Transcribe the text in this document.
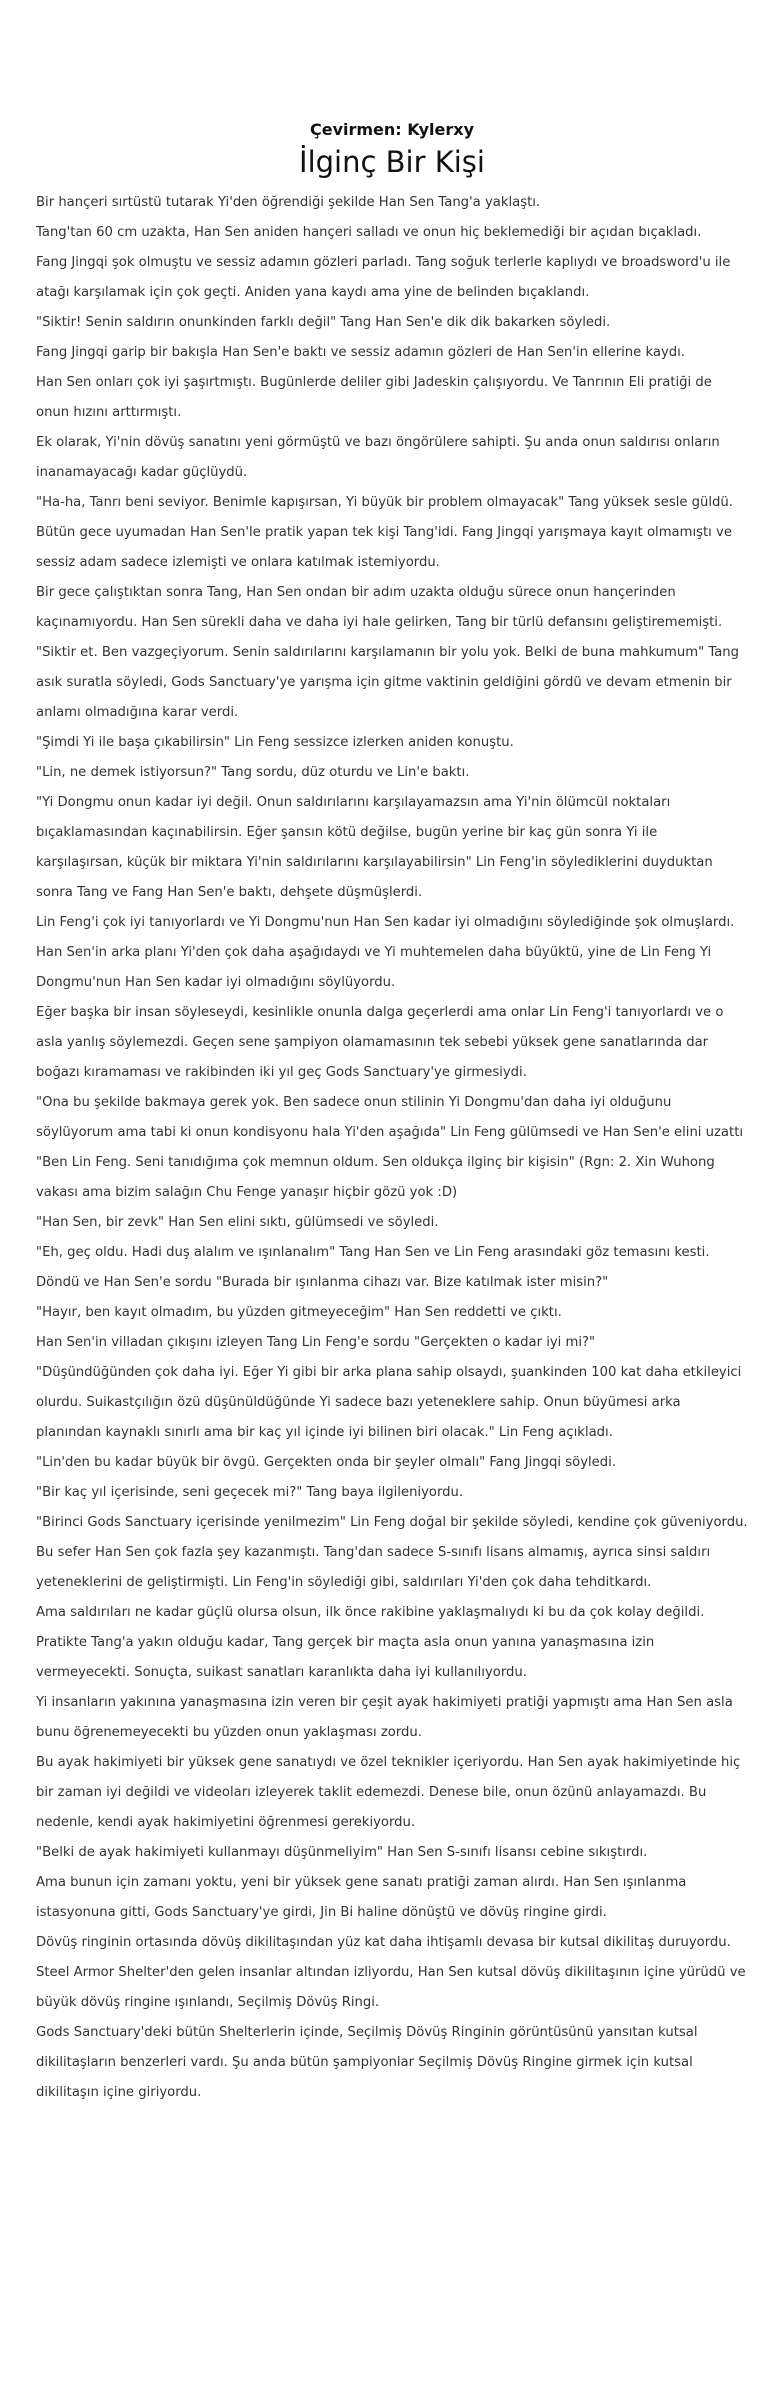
Çevirmen: Kylerxy
İlginç Bir Kişi

Bir hançeri sırtüstü tutarak Yi'den öğrendiği şekilde Han Sen Tang'a yaklaştı.

Tang'tan 60 cm uzakta, Han Sen aniden hançeri salladı ve onun hiç beklemediği bir açıdan bıçakladı.

Fang Jingqi şok olmuştu ve sessiz adamın gözleri parladı. Tang soğuk terlerle kaplıydı ve broadsword'u ile atağı karşılamak için çok geçti. Aniden yana kaydı ama yine de belinden bıçaklandı.

"Siktir! Senin saldırın onunkinden farklı değil" Tang Han Sen'e dik dik bakarken söyledi.

Fang Jingqi garip bir bakışla Han Sen'e baktı ve sessiz adamın gözleri de Han Sen'in ellerine kaydı.

Han Sen onları çok iyi şaşırtmıştı. Bugünlerde deliler gibi Jadeskin çalışıyordu. Ve Tanrının Eli pratiği de onun hızını arttırmıştı.

Ek olarak, Yi'nin dövüş sanatını yeni görmüştü ve bazı öngörülere sahipti. Şu anda onun saldırısı onların inanamayacağı kadar güçlüydü.

"Ha-ha, Tanrı beni seviyor. Benimle kapışırsan, Yi büyük bir problem olmayacak" Tang yüksek sesle güldü.

Bütün gece uyumadan Han Sen'le pratik yapan tek kişi Tang'idi. Fang Jingqi yarışmaya kayıt olmamıştı ve sessiz adam sadece izlemişti ve onlara katılmak istemiyordu.

Bir gece çalıştıktan sonra Tang, Han Sen ondan bir adım uzakta olduğu sürece onun hançerinden kaçınamıyordu. Han Sen sürekli daha ve daha iyi hale gelirken, Tang bir türlü defansını geliştirememişti.

"Siktir et. Ben vazgeçiyorum. Senin saldırılarını karşılamanın bir yolu yok. Belki de buna mahkumum" Tang asık suratla söyledi, Gods Sanctuary'ye yarışma için gitme vaktinin geldiğini gördü ve devam etmenin bir anlamı olmadığına karar verdi.

"Şimdi Yi ile başa çıkabilirsin" Lin Feng sessizce izlerken aniden konuştu.

"Lin, ne demek istiyorsun?" Tang sordu, düz oturdu ve Lin'e baktı.

"Yi Dongmu onun kadar iyi değil. Onun saldırılarını karşılayamazsın ama Yi'nin ölümcül noktaları bıçaklamasından kaçınabilirsin. Eğer şansın kötü değilse, bugün yerine bir kaç gün sonra Yi ile karşılaşırsan, küçük bir miktara Yi'nin saldırılarını karşılayabilirsin" Lin Feng'in söylediklerini duyduktan sonra Tang ve Fang Han Sen'e baktı, dehşete düşmüşlerdi.

Lin Feng'i çok iyi tanıyorlardı ve Yi Dongmu'nun Han Sen kadar iyi olmadığını söylediğinde şok olmuşlardı.

Han Sen'in arka planı Yi'den çok daha aşağıdaydı ve Yi muhtemelen daha büyüktü, yine de Lin Feng Yi Dongmu'nun Han Sen kadar iyi olmadığını söylüyordu.

Eğer başka bir insan söyleseydi, kesinlikle onunla dalga geçerlerdi ama onlar Lin Feng'i tanıyorlardı ve o asla yanlış söylemezdi. Geçen sene şampiyon olamamasının tek sebebi yüksek gene sanatlarında dar boğazı kıramaması ve rakibinden iki yıl geç Gods Sanctuary'ye girmesiydi.

"Ona bu şekilde bakmaya gerek yok. Ben sadece onun stilinin Yi Dongmu'dan daha iyi olduğunu söylüyorum ama tabi ki onun kondisyonu hala Yi'den aşağıda" Lin Feng gülümsedi ve Han Sen'e elini uzattı "Ben Lin Feng. Seni tanıdığıma çok memnun oldum. Sen oldukça ilginç bir kişisin" (Rgn: 2. Xin Wuhong vakası ama bizim salağın Chu Fenge yanaşır hiçbir gözü yok :D)

"Han Sen, bir zevk" Han Sen elini sıktı, gülümsedi ve söyledi.

"Eh, geç oldu. Hadi duş alalım ve ışınlanalım" Tang Han Sen ve Lin Feng arasındaki göz temasını kesti. Döndü ve Han Sen'e sordu "Burada bir ışınlanma cihazı var. Bize katılmak ister misin?"

"Hayır, ben kayıt olmadım, bu yüzden gitmeyeceğim" Han Sen reddetti ve çıktı.

Han Sen'in villadan çıkışını izleyen Tang Lin Feng'e sordu "Gerçekten o kadar iyi mi?"

"Düşündüğünden çok daha iyi. Eğer Yi gibi bir arka plana sahip olsaydı, şuankinden 100 kat daha etkileyici olurdu. Suikastçılığın özü düşünüldüğünde Yi sadece bazı yeteneklere sahip. Onun büyümesi arka planından kaynaklı sınırlı ama bir kaç yıl içinde iyi bilinen biri olacak." Lin Feng açıkladı.

"Lin'den bu kadar büyük bir övgü. Gerçekten onda bir şeyler olmalı" Fang Jingqi söyledi.

"Bir kaç yıl içerisinde, seni geçecek mi?" Tang baya ilgileniyordu.

"Birinci Gods Sanctuary içerisinde yenilmezim" Lin Feng doğal bir şekilde söyledi, kendine çok güveniyordu.

Bu sefer Han Sen çok fazla şey kazanmıştı. Tang'dan sadece S-sınıfı lisans almamış, ayrıca sinsi saldırı yeteneklerini de geliştirmişti. Lin Feng'in söylediği gibi, saldırıları Yi'den çok daha tehditkardı.

Ama saldırıları ne kadar güçlü olursa olsun, ilk önce rakibine yaklaşmalıydı ki bu da çok kolay değildi.

Pratikte Tang'a yakın olduğu kadar, Tang gerçek bir maçta asla onun yanına yanaşmasına izin vermeyecekti. Sonuçta, suikast sanatları karanlıkta daha iyi kullanılıyordu.

Yi insanların yakınına yanaşmasına izin veren bir çeşit ayak hakimiyeti pratiği yapmıştı ama Han Sen asla bunu öğrenemeyecekti bu yüzden onun yaklaşması zordu.

Bu ayak hakimiyeti bir yüksek gene sanatıydı ve özel teknikler içeriyordu. Han Sen ayak hakimiyetinde hiç bir zaman iyi değildi ve videoları izleyerek taklit edemezdi. Denese bile, onun özünü anlayamazdı. Bu nedenle, kendi ayak hakimiyetini öğrenmesi gerekiyordu.

"Belki de ayak hakimiyeti kullanmayı düşünmeliyim" Han Sen S-sınıfı lisansı cebine sıkıştırdı.

Ama bunun için zamanı yoktu, yeni bir yüksek gene sanatı pratiği zaman alırdı. Han Sen ışınlanma istasyonuna gitti, Gods Sanctuary'ye girdi, Jin Bi haline dönüştü ve dövüş ringine girdi.

Dövüş ringinin ortasında dövüş dikilitaşından yüz kat daha ihtişamlı devasa bir kutsal dikilitaş duruyordu. Steel Armor Shelter'den gelen insanlar altından izliyordu, Han Sen kutsal dövüş dikilitaşının içine yürüdü ve büyük dövüş ringine ışınlandı, Seçilmiş Dövüş Ringi.

Gods Sanctuary'deki bütün Shelterlerin içinde, Seçilmiş Dövüş Ringinin görüntüsünü yansıtan kutsal dikilitaşların benzerleri vardı. Şu anda bütün şampiyonlar Seçilmiş Dövüş Ringine girmek için kutsal dikilitaşın içine giriyordu.
